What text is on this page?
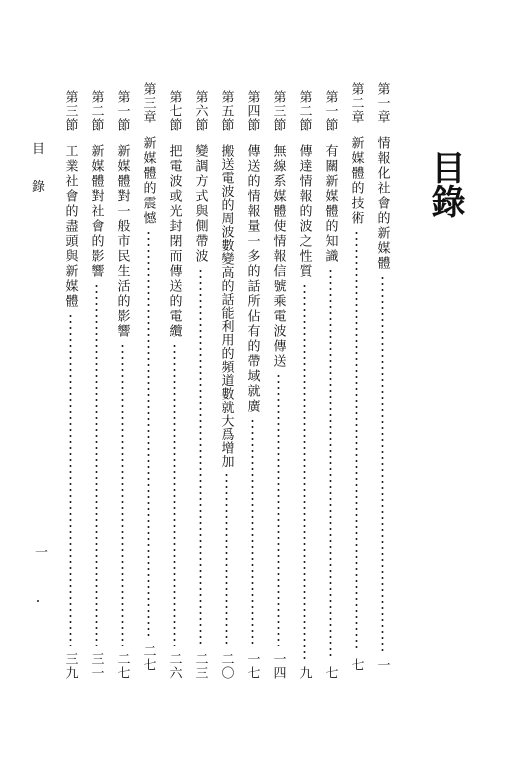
目錄
第一章
情報化社會的新媒體
一
第二章
新媒體的技術
七
第一節
有關新媒體的知識
七
第二節
傳達情報的波之性質
九
第三節
無線系媒體使情報信號乘電波傳送
一四
第四節
傳送的情報量一多的話所佔有的帶域就廣
一七
第五節
搬送電波的周波數變高的話能利用的頻道數就大爲增加
二〇
第六節
變調方式與側帶波
二三
第七節
把電波或光封閉而傳送的電纜
二六
第三章
新媒體的震憾
二七
第一節
新媒體對一般市民生活的影響
二七
第二節
新媒體對社會的影響
三一
第三節
工業社會的盡頭與新媒體
三九
目
錄
一
